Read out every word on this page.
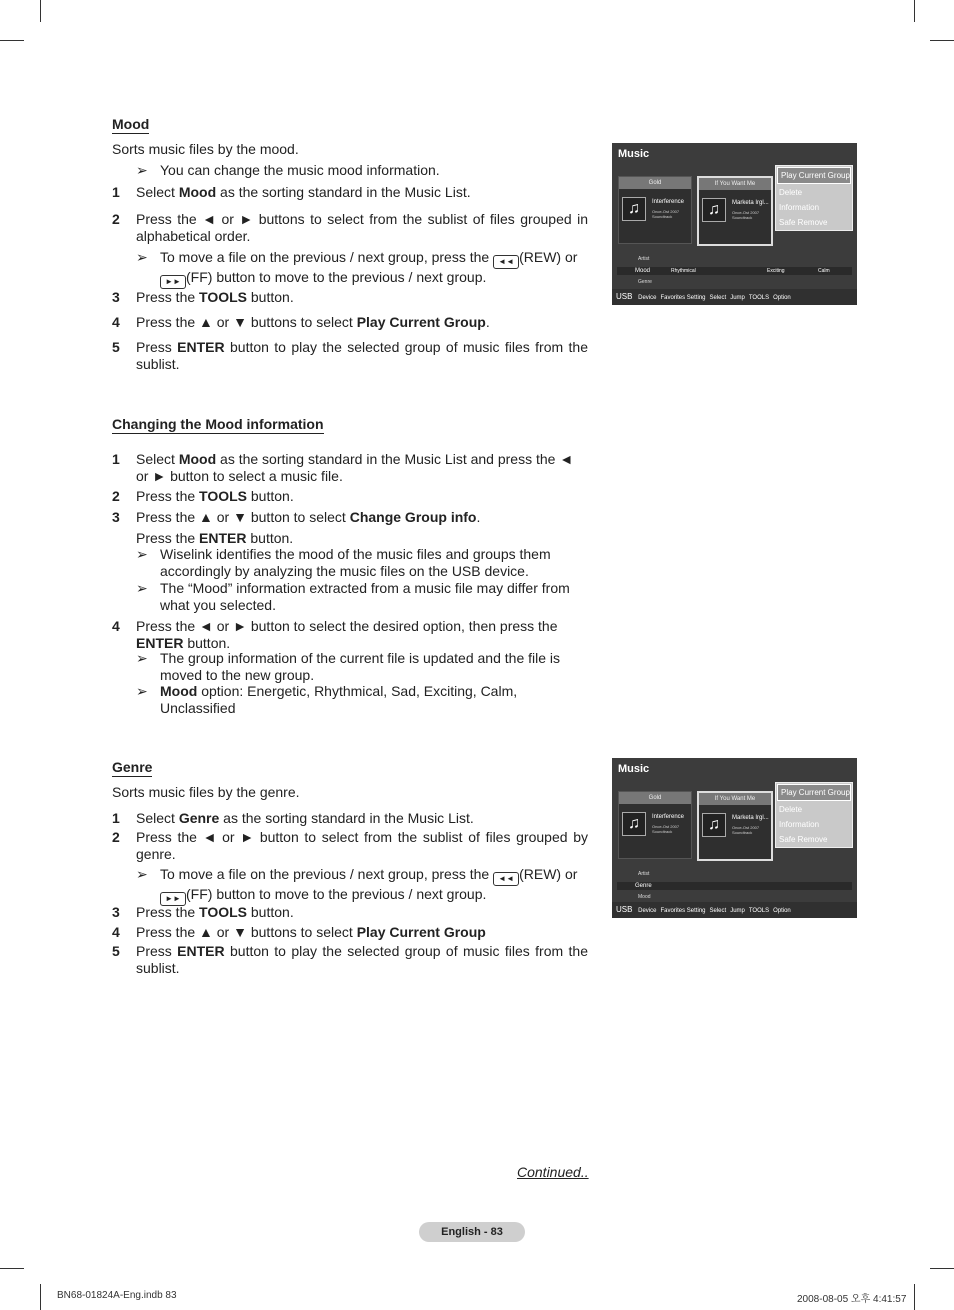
Mood
Sorts music files by the mood.
➢ You can change the music mood information.
1 Select Mood as the sorting standard in the Music List.
2 Press the ◄ or ► buttons to select from the sublist of files grouped in alphabetical order.
➢ To move a file on the previous / next group, press the ◄◄ (REW) or
►► (FF) button to move to the previous / next group.
3 Press the TOOLS button.
4 Press the ▲ or ▼ buttons to select Play Current Group.
5 Press ENTER button to play the selected group of music files from the sublist.
Music
Gold
♫	Interference
Once-Ost 2007 Soundtrack
If You Want Me
♫	Marketa Irgl...
Once-Ost 2007 Soundtrack
Play Current Group
Delete
Information
Safe Remove
Artist
Mood	Rhythmical	Exciting	Calm
Genre
USB Device Favorites Setting Select Jump TOOLS Option
Changing the Mood information
1 Select Mood as the sorting standard in the Music List and press the ◄ or ► button to select a music file.
2 Press the TOOLS button.
3 Press the ▲ or ▼ button to select Change Group info.
Press the ENTER button.
➢ Wiselink identifies the mood of the music files and groups them accordingly by analyzing the music files on the USB device.
➢ The “Mood” information extracted from a music file may differ from what you selected.
4 Press the ◄ or ► button to select the desired option, then press the ENTER button.
➢ The group information of the current file is updated and the file is moved to the new group.
➢ Mood option: Energetic, Rhythmical, Sad, Exciting, Calm, Unclassified
Genre
Sorts music files by the genre.
1 Select Genre as the sorting standard in the Music List.
2 Press the ◄ or ► button to select from the sublist of files grouped by genre.
➢ To move a file on the previous / next group, press the ◄◄ (REW) or
►► (FF) button to move to the previous / next group.
3 Press the TOOLS button.
4 Press the ▲ or ▼ buttons to select Play Current Group
5 Press ENTER button to play the selected group of music files from the sublist.
Music
Gold
♫	Interference
Once-Ost 2007 Soundtrack
If You Want Me
♫	Marketa Irgl...
Once-Ost 2007 Soundtrack
Play Current Group
Delete
Information
Safe Remove
Artist
Genre
Mood
USB Device Favorites Setting Select Jump TOOLS Option
Continued..
English - 83
BN68-01824A-Eng.indb 83	2008-08-05 오후 4:41:57
